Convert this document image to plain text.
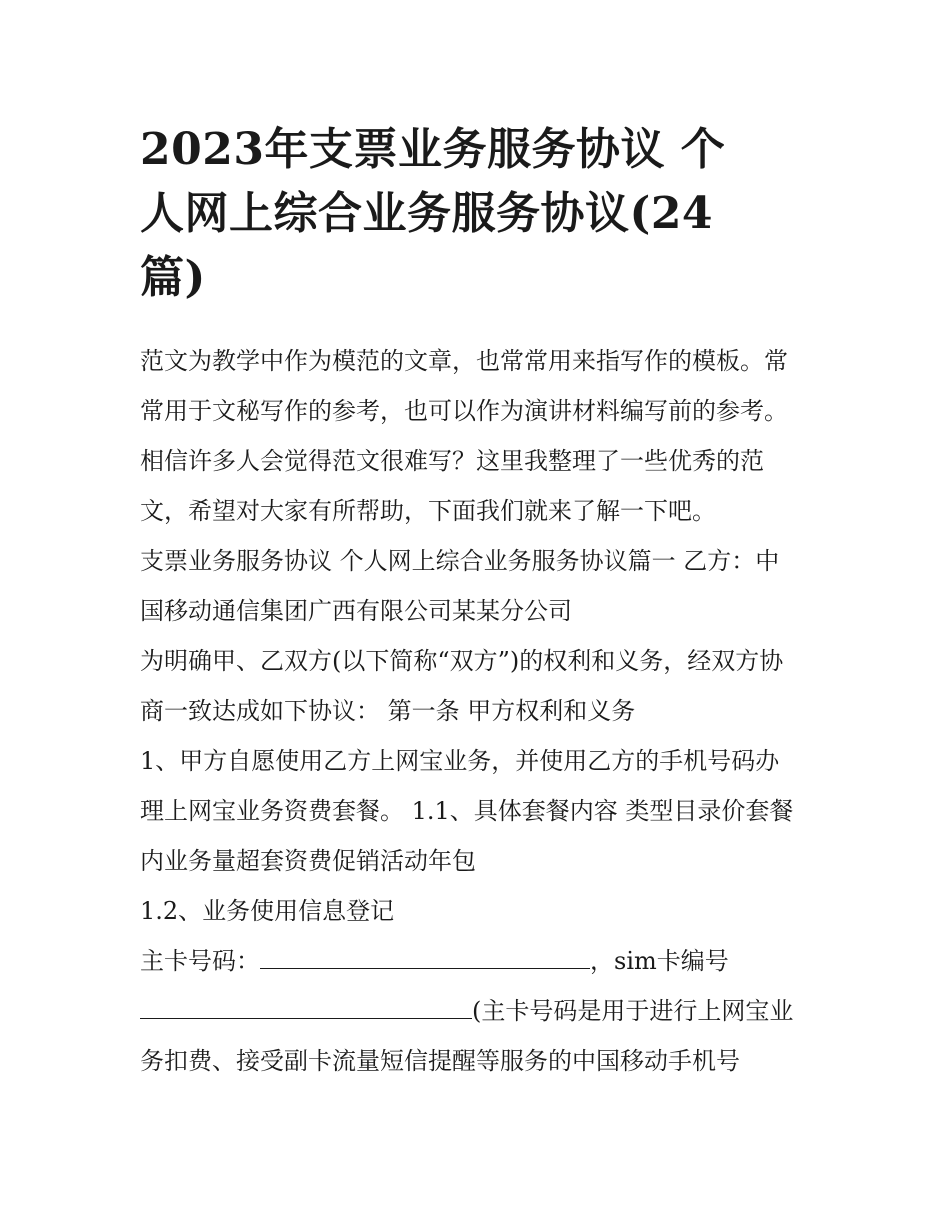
2023年支票业务服务协议 个
人网上综合业务服务协议(24
篇)
范文为教学中作为模范的文章，也常常用来指写作的模板。常
常用于文秘写作的参考，也可以作为演讲材料编写前的参考。
相信许多人会觉得范文很难写？这里我整理了一些优秀的范
文，希望对大家有所帮助，下面我们就来了解一下吧。
支票业务服务协议 个人网上综合业务服务协议篇一 乙方：中
国移动通信集团广西有限公司某某分公司
为明确甲、乙双方(以下简称“双方”)的权利和义务，经双方协
商一致达成如下协议： 第一条 甲方权利和义务
1、甲方自愿使用乙方上网宝业务，并使用乙方的手机号码办
理上网宝业务资费套餐。 1.1、具体套餐内容 类型目录价套餐
内业务量超套资费促销活动年包
1.2、业务使用信息登记
主卡号码：	，sim卡编号
(主卡号码是用于进行上网宝业
务扣费、接受副卡流量短信提醒等服务的中国移动手机号
